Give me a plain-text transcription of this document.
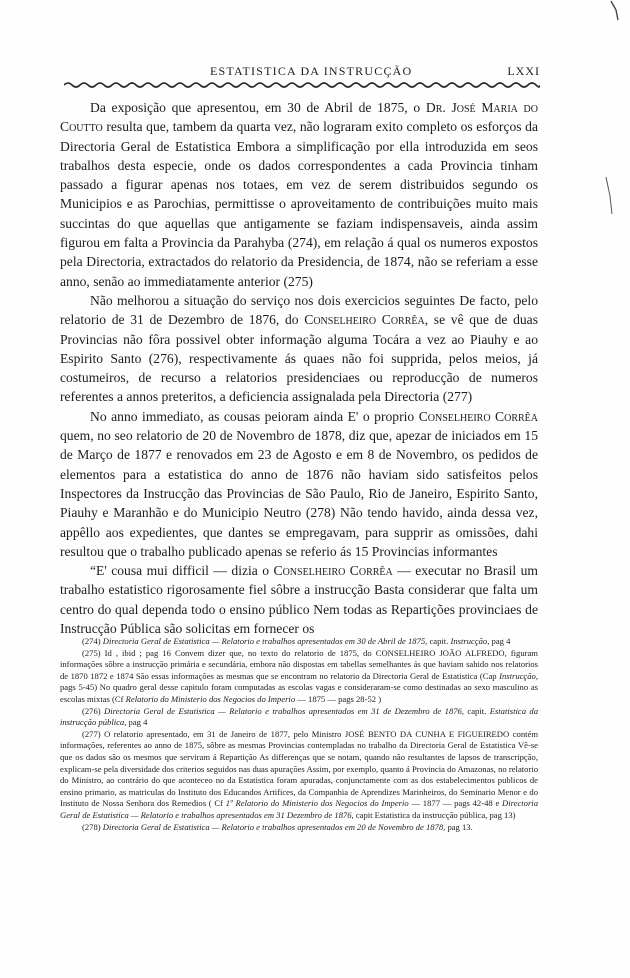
ESTATISTICA DA INSTRUCÇÃO	LXXI

Da exposição que apresentou, em 30 de Abril de 1875, o Dr. José Maria do Coutto resulta que, tambem da quarta vez, não lograram exito completo os esforços da Directoria Geral de Estatistica Embora a simplificação por ella introduzida em seos trabalhos desta especie, onde os dados correspondentes a cada Provincia tinham passado a figurar apenas nos totaes, em vez de serem distribuidos segundo os Municipios e as Parochias, permittisse o aproveitamento de contribuições muito mais succintas do que aquellas que antigamente se faziam indispensaveis, ainda assim figurou em falta a Provincia da Parahyba (274), em relação á qual os numeros expostos pela Directoria, extractados do relatorio da Presidencia, de 1874, não se referiam a esse anno, senão ao immediatamente anterior (275)

Não melhorou a situação do serviço nos dois exercicios seguintes De facto, pelo relatorio de 31 de Dezembro de 1876, do Conselheiro Corrêa, se vê que de duas Provincias não fôra possivel obter informação alguma Tocára a vez ao Piauhy e ao Espirito Santo (276), respectivamente ás quaes não foi supprida, pelos meios, já costumeiros, de recurso a relatorios presidenciaes ou reproducção de numeros referentes a annos preteritos, a deficiencia assignalada pela Directoria (277)

No anno immediato, as cousas peioram ainda E' o proprio Conselheiro Corrêa quem, no seo relatorio de 20 de Novembro de 1878, diz que, apezar de iniciados em 15 de Março de 1877 e renovados em 23 de Agosto e em 8 de Novembro, os pedidos de elementos para a estatistica do anno de 1876 não haviam sido satisfeitos pelos Inspectores da Instrucção das Provincias de São Paulo, Rio de Janeiro, Espirito Santo, Piauhy e Maranhão e do Municipio Neutro (278) Não tendo havido, ainda dessa vez, appêllo aos expedientes, que dantes se empregavam, para supprir as omissões, dahi resultou que o trabalho publicado apenas se referio ás 15 Provincias informantes

“E' cousa mui difficil — dizia o Conselheiro Corrêa — executar no Brasil um trabalho estatistico rigorosamente fiel sôbre a instrucção Basta considerar que falta um centro do qual dependa todo o ensino público Nem todas as Repartições provinciaes de Instrucção Pública são solicitas em fornecer os

(274) Directoria Geral de Estatistica — Relatorio e trabalhos apresentados em 30 de Abril de 1875, capit. Instrucção, pag 4

(275) Id , ibid ; pag 16 Convem dizer que, no texto do relatorio de 1875, do CONSELHEIRO JOÃO ALFREDO, figuram informações sôbre a instrucção primária e secundária, embora não dispostas em tabellas semelhantes ás que haviam sahido nos relatorios de 1870 1872 e 1874 São essas informações as mesmas que se encontram no relatorio da Directoria Geral de Estatistica (Cap Instrucção, pags 5-45) No quadro geral desse capitulo foram computadas as escolas vagas e consideraram-se como destinadas ao sexo masculino as escolas mixtas (Cf Relatorio do Ministerio dos Negocios do Imperio — 1875 — pags 28-52 )

(276) Directoria Geral de Estatistica — Relatorio e trabalhos apresentados em 31 de Dezembro de 1876, capit. Estatistica da instrucção pública, pag 4

(277) O relatorio apresentado, em 31 de Janeiro de 1877, pelo Ministro JOSÉ BENTO DA CUNHA E FIGUEIREDO contém informações, referentes ao anno de 1875, sôbre as mesmas Provincias contempladas no trabalho da Directoria Geral de Estatistica Vê-se que os dados são os mesmos que serviram á Repartição As differenças que se notam, quando não resultantes de lapsos de transcripção, explicam-se pela diversidade dos criterios seguidos nas duas apurações Assim, por exemplo, quanto á Provincia do Amazonas, no relatorio do Ministro, ao contrário do que aconteceo no da Estatistica foram apuradas, conjunctamente com as dos estabelecimentos publicos de ensino primario, as matriculas do Instituto dos Educandos Artifices, da Companhia de Aprendizes Marinheiros, do Seminario Menor e do Instituto de Nossa Senhora dos Remedios ( Cf 1º Relatorio do Ministerio dos Negocios do Imperio — 1877 — pags 42-48 e Directoria Geral de Estatistica — Relatorio e trabalhos apresentados em 31 Dezembro de 1876, capit Estatistica da instrucção pública, pag 13)

(278) Directoria Geral de Estatistica — Relatorio e trabalhos apresentados em 20 de Novembro de 1878, pag 13.
